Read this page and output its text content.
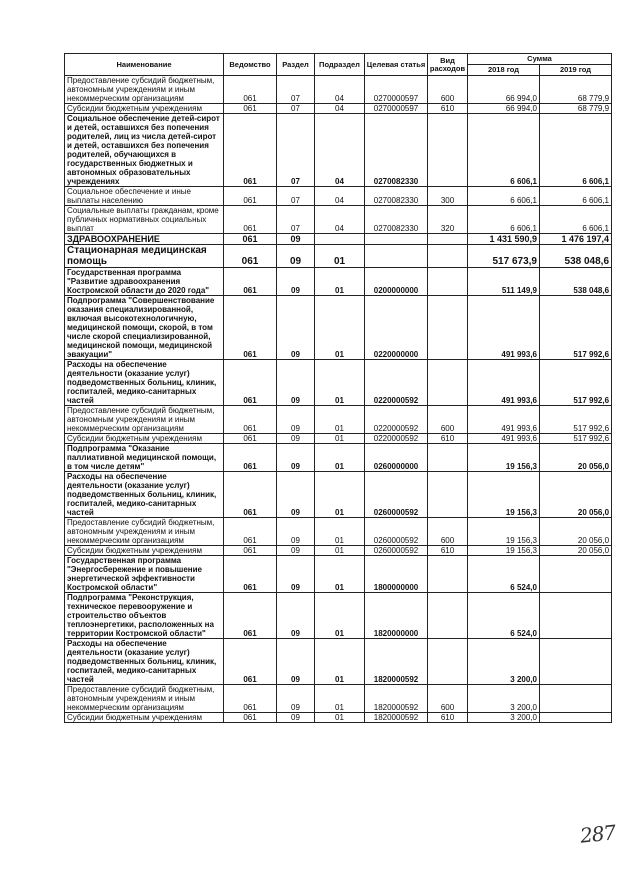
Наименование	Ведомство	Раздел	Подраздел	Целевая статья	Вид расходов	Сумма	
						2018 год	2019 год
Предоставление субсидий бюджетным, автономным учреждениям и иным некоммерческим организациям	061	07	04	0270000597	600	66 994,0	68 779,9
Субсидии бюджетным учреждениям	061	07	04	0270000597	610	66 994,0	68 779,9
Социальное обеспечение детей-сирот и детей, оставшихся без попечения родителей, лиц из числа детей-сирот и детей, оставшихся без попечения родителей, обучающихся в государственных бюджетных и автономных образовательных учреждениях	061	07	04	0270082330		6 606,1	6 606,1
Социальное обеспечение и иные выплаты населению	061	07	04	0270082330	300	6 606,1	6 606,1
Социальные выплаты гражданам, кроме публичных нормативных социальных выплат	061	07	04	0270082330	320	6 606,1	6 606,1
ЗДРАВООХРАНЕНИЕ	061	09				1 431 590,9	1 476 197,4
Стационарная медицинская помощь	061	09	01			517 673,9	538 048,6
Государственная программа "Развитие здравоохранения Костромской области до 2020 года"	061	09	01	0200000000		511 149,9	538 048,6
Подпрограмма "Совершенствование оказания специализированной, включая высокотехнологичную, медицинской помощи, скорой, в том числе скорой специализированной, медицинской помощи, медицинской эвакуации"	061	09	01	0220000000		491 993,6	517 992,6
Расходы на обеспечение деятельности (оказание услуг) подведомственных больниц, клиник, госпиталей, медико-санитарных частей	061	09	01	0220000592		491 993,6	517 992,6
Предоставление субсидий бюджетным, автономным учреждениям и иным некоммерческим организациям	061	09	01	0220000592	600	491 993,6	517 992,6
Субсидии бюджетным учреждениям	061	09	01	0220000592	610	491 993,6	517 992,6
Подпрограмма "Оказание паллиативной медицинской помощи, в том числе детям"	061	09	01	0260000000		19 156,3	20 056,0
Расходы на обеспечение деятельности (оказание услуг) подведомственных больниц, клиник, госпиталей, медико-санитарных частей	061	09	01	0260000592		19 156,3	20 056,0
Предоставление субсидий бюджетным, автономным учреждениям и иным некоммерческим организациям	061	09	01	0260000592	600	19 156,3	20 056,0
Субсидии бюджетным учреждениям	061	09	01	0260000592	610	19 156,3	20 056,0
Государственная программа "Энергосбережение и повышение энергетической эффективности Костромской области"	061	09	01	1800000000		6 524,0	
Подпрограмма "Реконструкция, техническое перевооружение и строительство объектов теплоэнергетики, расположенных на территории Костромской области"	061	09	01	1820000000		6 524,0	
Расходы на обеспечение деятельности (оказание услуг) подведомственных больниц, клиник, госпиталей, медико-санитарных частей	061	09	01	1820000592		3 200,0	
Предоставление субсидий бюджетным, автономным учреждениям и иным некоммерческим организациям	061	09	01	1820000592	600	3 200,0	
Субсидии бюджетным учреждениям	061	09	01	1820000592	610	3 200,0	
287
